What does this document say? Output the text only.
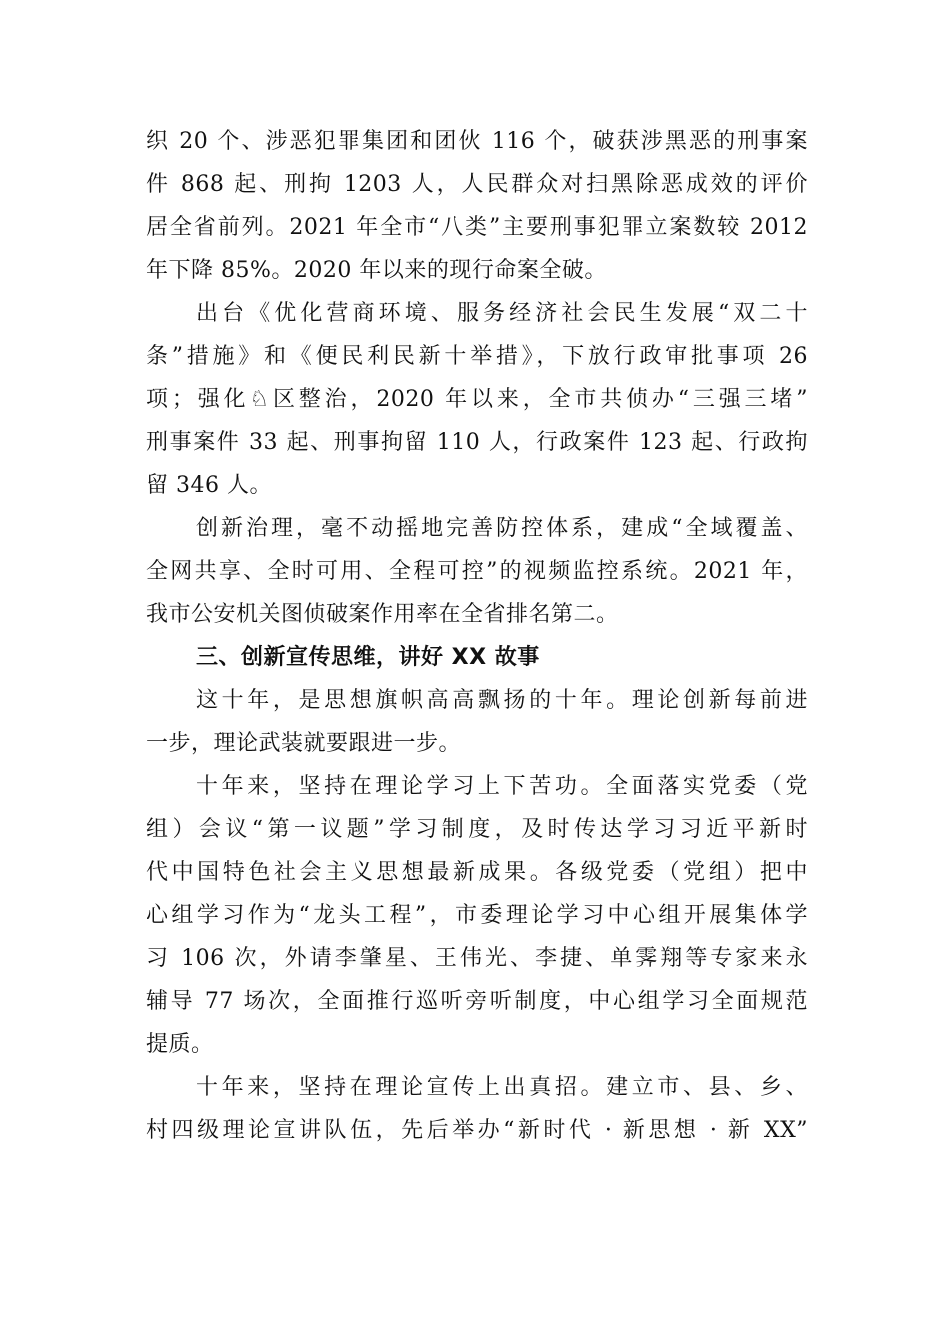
织 20 个、涉恶犯罪集团和团伙 116 个，破获涉黑恶的刑事案
件 868 起、刑拘 1203 人，人民群众对扫黑除恶成效的评价
居全省前列。2021 年全市“八类”主要刑事犯罪立案数较 2012
年下降 85%。2020 年以来的现行命案全破。
出台《优化营商环境、服务经济社会民生发展“双二十
条”措施》和《便民利民新十举措》，下放行政审批事项 26
项；强化♘区整治，2020 年以来，全市共侦办“三强三堵”
刑事案件 33 起、刑事拘留 110 人，行政案件 123 起、行政拘
留 346 人。
创新治理，毫不动摇地完善防控体系，建成“全域覆盖、
全网共享、全时可用、全程可控”的视频监控系统。2021 年，
我市公安机关图侦破案作用率在全省排名第二。
三、创新宣传思维，讲好 XX 故事
这十年，是思想旗帜高高飘扬的十年。理论创新每前进
一步，理论武装就要跟进一步。
十年来，坚持在理论学习上下苦功。全面落实党委（党
组）会议“第一议题”学习制度，及时传达学习习近平新时
代中国特色社会主义思想最新成果。各级党委（党组）把中
心组学习作为“龙头工程”，市委理论学习中心组开展集体学
习 106 次，外请李肇星、王伟光、李捷、单霁翔等专家来永
辅导 77 场次，全面推行巡听旁听制度，中心组学习全面规范
提质。
十年来，坚持在理论宣传上出真招。建立市、县、乡、
村四级理论宣讲队伍，先后举办“新时代 · 新思想 · 新 XX”
